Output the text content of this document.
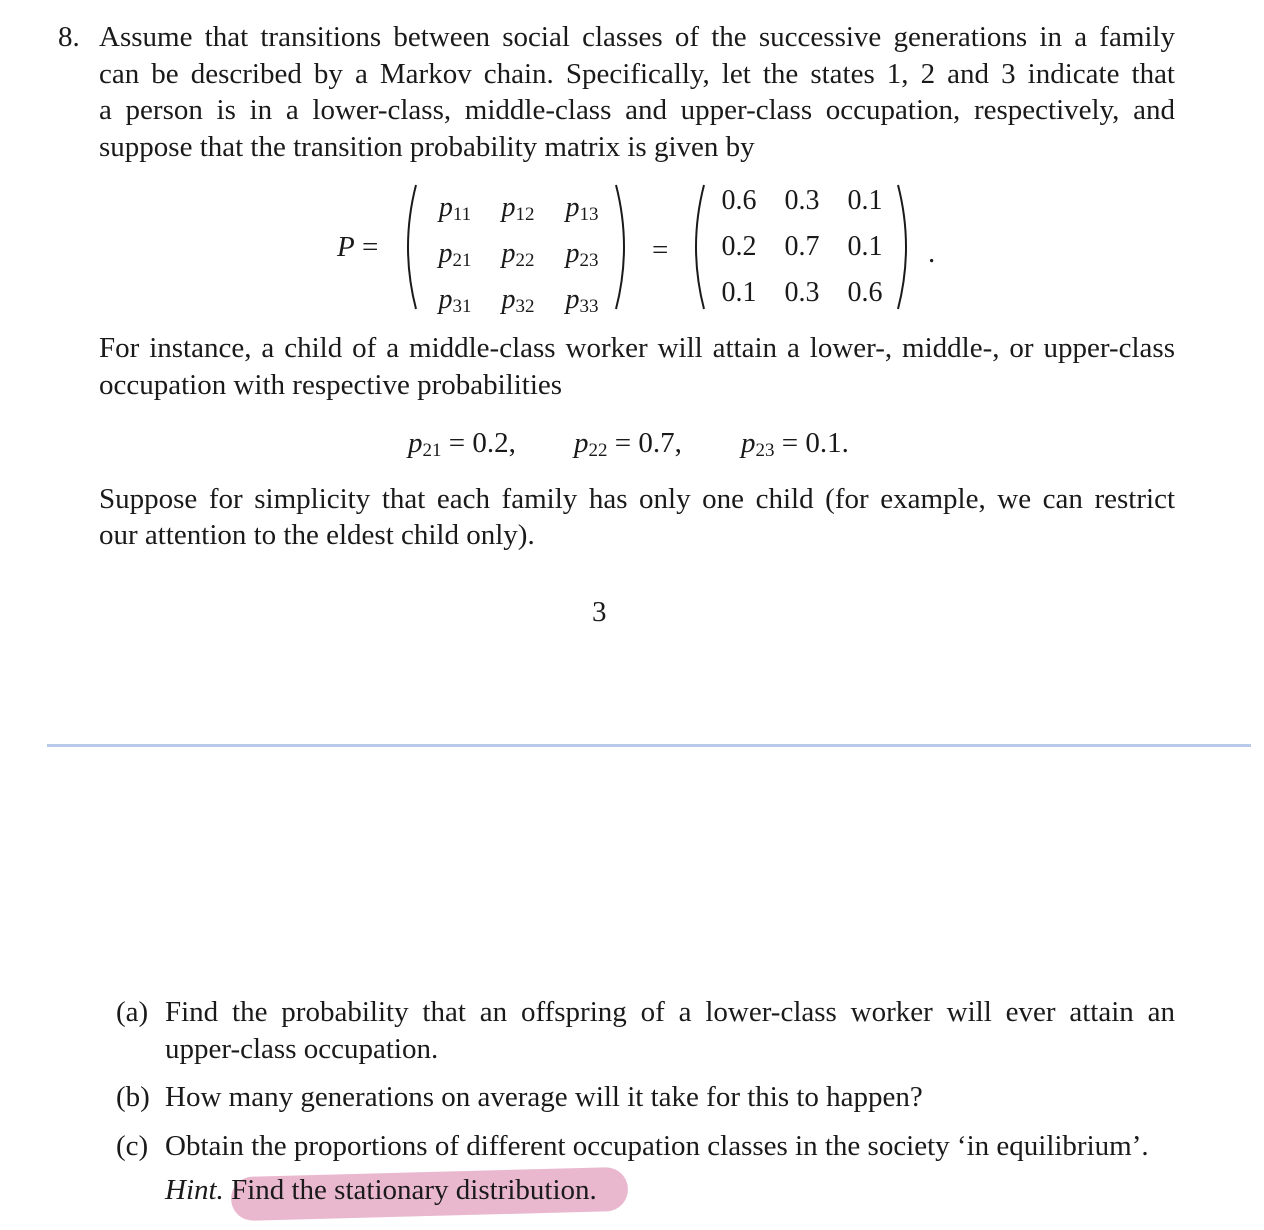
8. Assume that transitions between social classes of the successive generations in a family
can be described by a Markov chain. Specifically, let the states 1, 2 and 3 indicate that
a person is in a lower-class, middle-class and upper-class occupation, respectively, and
suppose that the transition probability matrix is given by
P =
$p_{11}$	$p_{12}$	$p_{13}$
$p_{21}$	$p_{22}$	$p_{23}$
$p_{31}$	$p_{32}$	$p_{33}$
=
0.6	0.3	0.1
0.2	0.7	0.1
0.1	0.3	0.6
.
For instance, a child of a middle-class worker will attain a lower-, middle-, or upper-class
occupation with respective probabilities
$p_{21} = 0.2$, $p_{22} = 0.7$, $p_{23} = 0.1$.
Suppose for simplicity that each family has only one child (for example, we can restrict
our attention to the eldest child only).
3
(a) Find the probability that an offspring of a lower-class worker will ever attain an
upper-class occupation.
(b) How many generations on average will it take for this to happen?
(c) Obtain the proportions of different occupation classes in the society ‘in equilibrium’.
Hint. Find the stationary distribution.
